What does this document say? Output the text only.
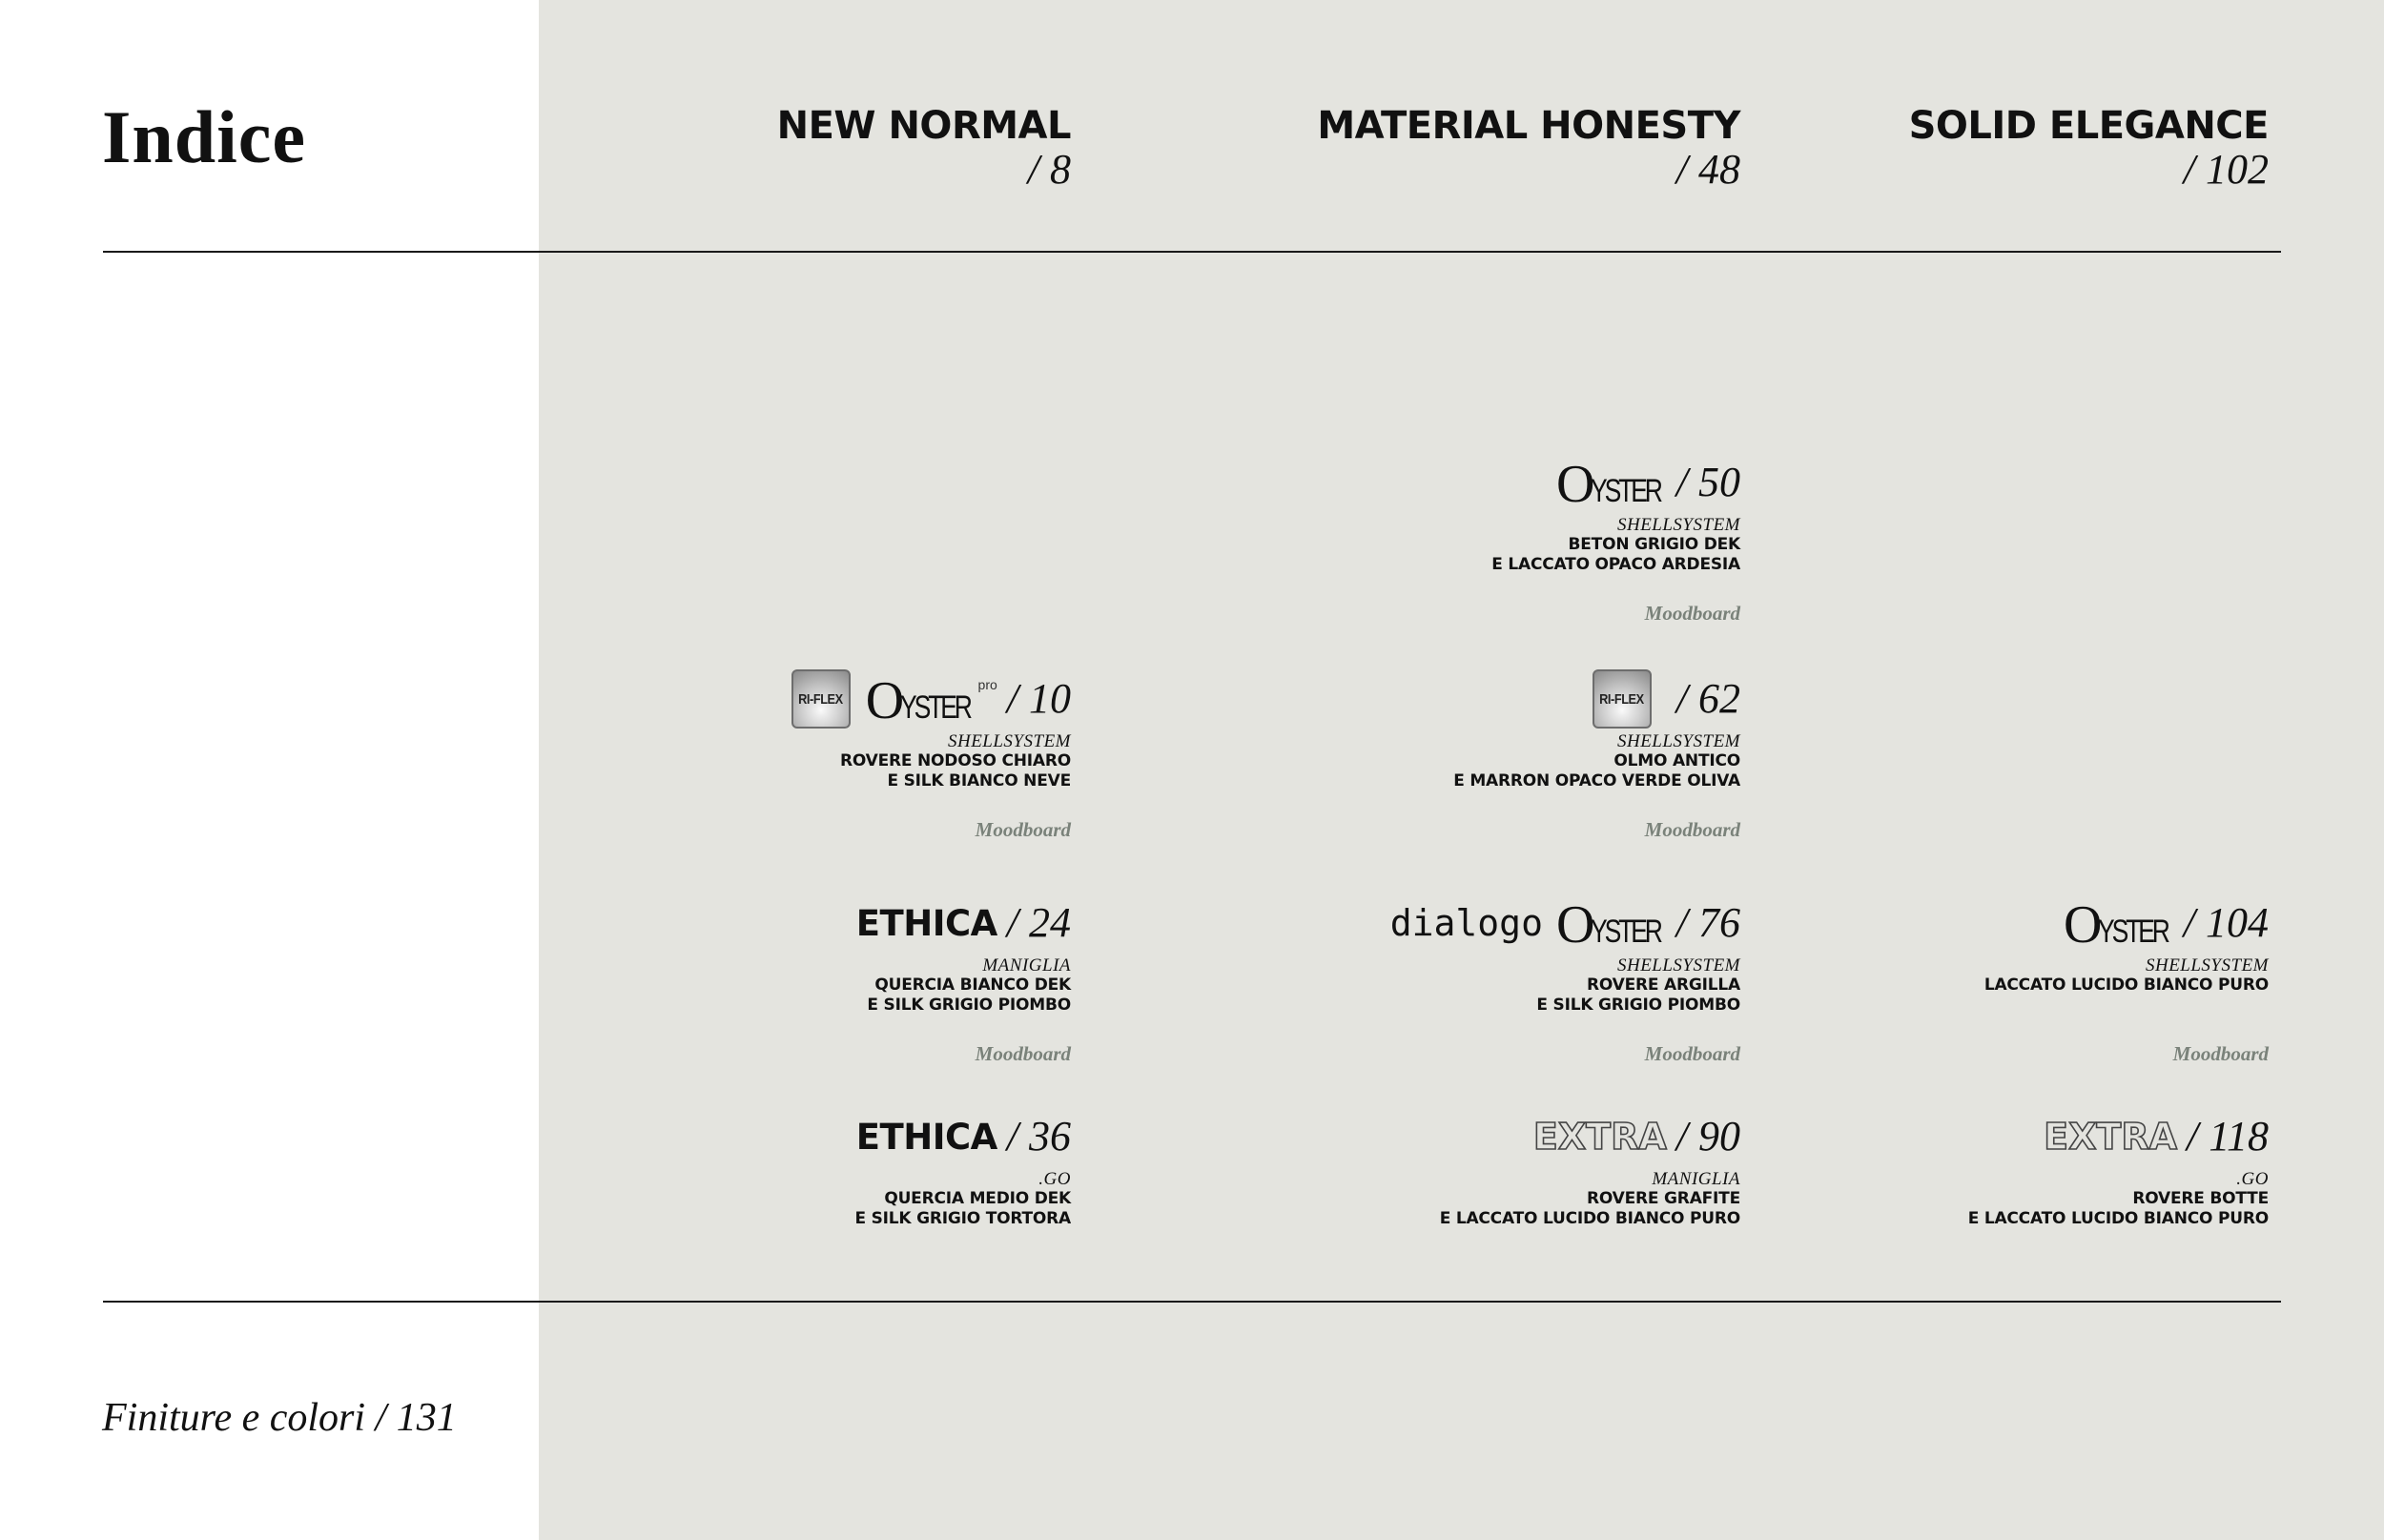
Indice	NEW NORMAL
/ 8
MATERIAL HONESTY
/ 48
SOLID ELEGANCE
/ 102
RI-FLEX O YSTER
pro / 10
SHELLSYSTEM
ROVERE NODOSO CHIARO
E SILK BIANCO NEVE
Moodboard
ETHICA / 24
MANIGLIA
QUERCIA BIANCO DEK
E SILK GRIGIO PIOMBO
Moodboard
ETHICA / 36
.GO
QUERCIA MEDIO DEK
E SILK GRIGIO TORTORA
O YSTER / 50
SHELLSYSTEM
BETON GRIGIO DEK
E LACCATO OPACO ARDESIA
Moodboard
RI-FLEX / 62
SHELLSYSTEM
OLMO ANTICO
E MARRON OPACO VERDE OLIVA
Moodboard
dialogo O YSTER / 76
SHELLSYSTEM
ROVERE ARGILLA
E SILK GRIGIO PIOMBO
Moodboard
EXTRA / 90
MANIGLIA
ROVERE GRAFITE
E LACCATO LUCIDO BIANCO PURO
O YSTER / 104
SHELLSYSTEM
LACCATO LUCIDO BIANCO PURO
Moodboard
EXTRA / 118
.GO
ROVERE BOTTE
E LACCATO LUCIDO BIANCO PURO
Finiture e colori / 131
